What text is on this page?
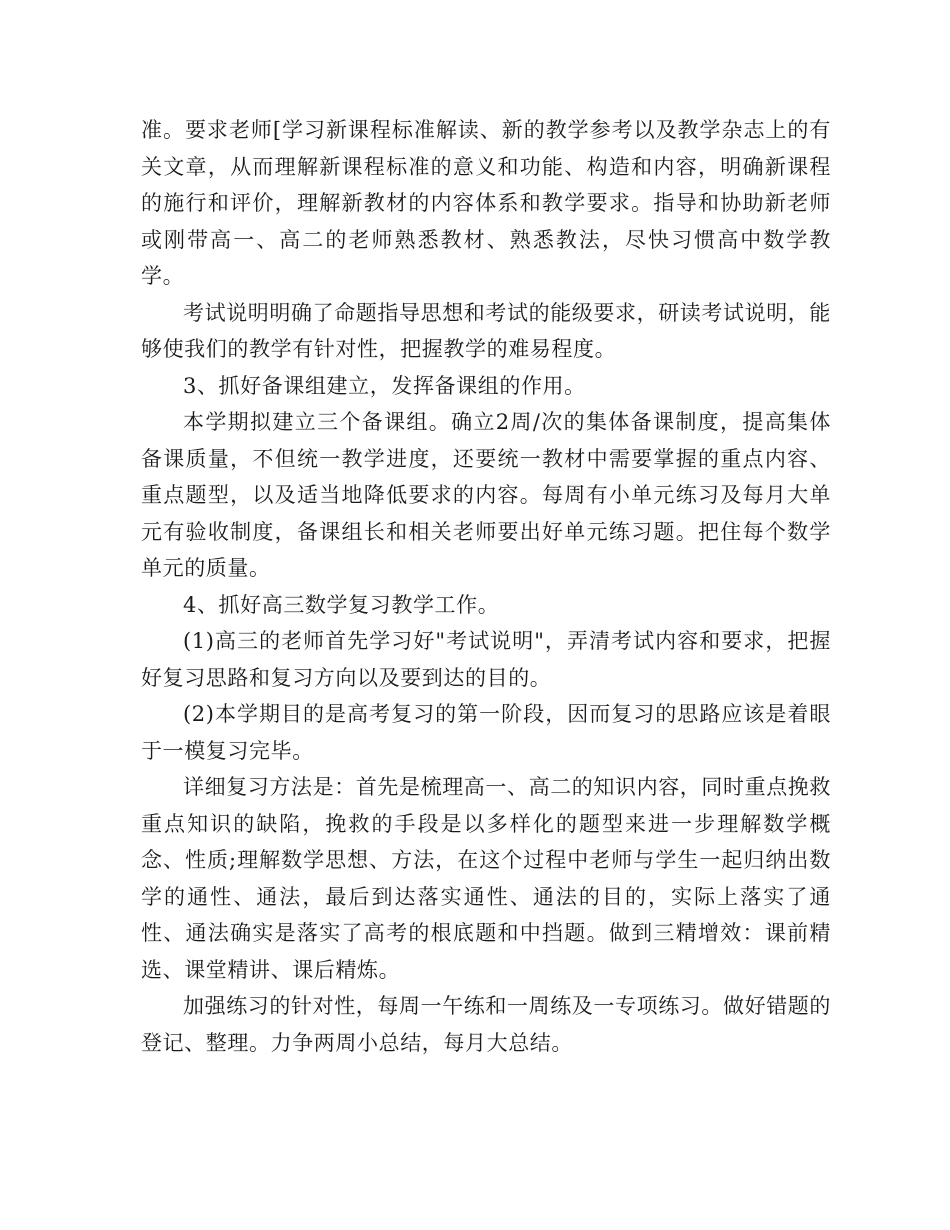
准。要求老师[学习新课程标准解读、新的教学参考以及教学杂志上的有关文章，从而理解新课程标准的意义和功能、构造和内容，明确新课程的施行和评价，理解新教材的内容体系和教学要求。指导和协助新老师或刚带高一、高二的老师熟悉教材、熟悉教法，尽快习惯高中数学教学。

考试说明明确了命题指导思想和考试的能级要求，研读考试说明，能够使我们的教学有针对性，把握教学的难易程度。

3、抓好备课组建立，发挥备课组的作用。

本学期拟建立三个备课组。确立2周/次的集体备课制度，提高集体备课质量，不但统一教学进度，还要统一教材中需要掌握的重点内容、重点题型，以及适当地降低要求的内容。每周有小单元练习及每月大单元有验收制度，备课组长和相关老师要出好单元练习题。把住每个数学单元的质量。

4、抓好高三数学复习教学工作。

(1)高三的老师首先学习好"考试说明"，弄清考试内容和要求，把握好复习思路和复习方向以及要到达的目的。

(2)本学期目的是高考复习的第一阶段，因而复习的思路应该是着眼于一模复习完毕。

详细复习方法是：首先是梳理高一、高二的知识内容，同时重点挽救重点知识的缺陷，挽救的手段是以多样化的题型来进一步理解数学概念、性质;理解数学思想、方法，在这个过程中老师与学生一起归纳出数学的通性、通法，最后到达落实通性、通法的目的，实际上落实了通性、通法确实是落实了高考的根底题和中挡题。做到三精增效：课前精选、课堂精讲、课后精炼。

加强练习的针对性，每周一午练和一周练及一专项练习。做好错题的登记、整理。力争两周小总结，每月大总结。
